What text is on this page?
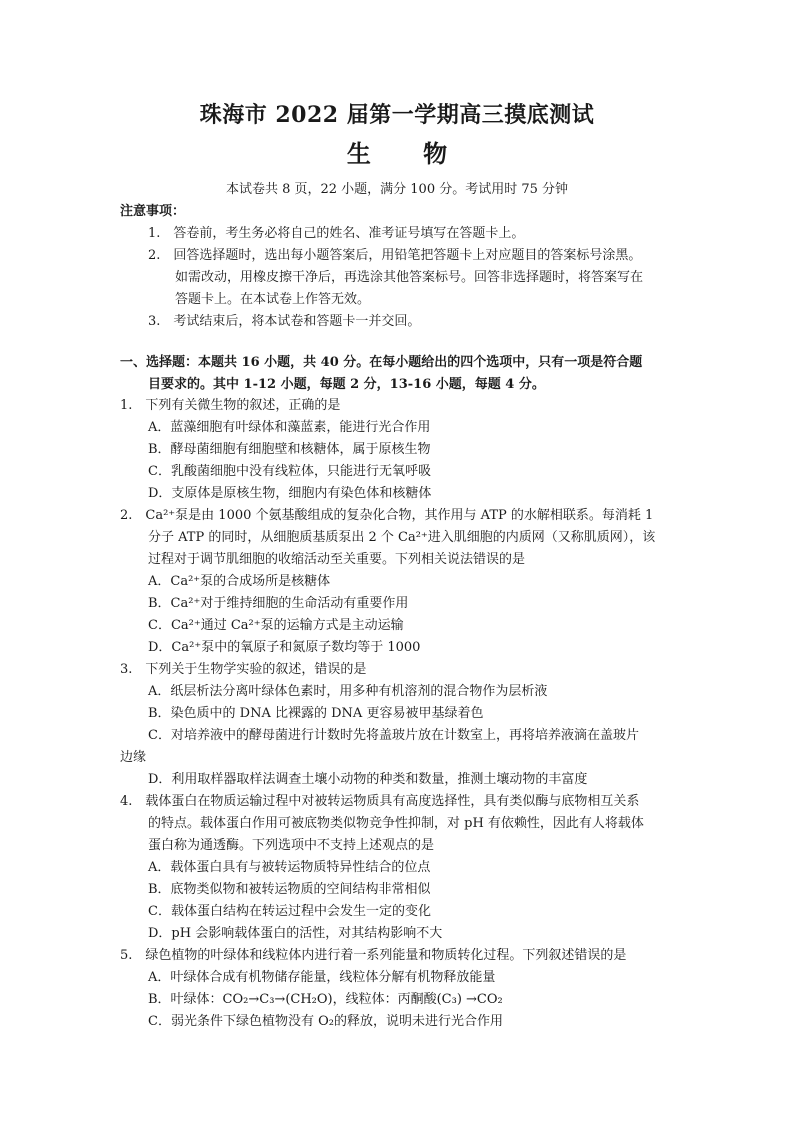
珠海市 2022 届第一学期高三摸底测试
生 物
本试卷共 8 页，22 小题，满分 100 分。考试用时 75 分钟
注意事项：
1.　答卷前，考生务必将自己的姓名、准考证号填写在答题卡上。
2.　回答选择题时，选出每小题答案后，用铅笔把答题卡上对应题目的答案标号涂黑。
如需改动，用橡皮擦干净后，再选涂其他答案标号。回答非选择题时，将答案写在
答题卡上。在本试卷上作答无效。
3.　考试结束后，将本试卷和答题卡一并交回。
一、选择题：本题共 16 小题，共 40 分。在每小题给出的四个选项中，只有一项是符合题
目要求的。其中 1-12 小题，每题 2 分，13-16 小题，每题 4 分。
1.　下列有关微生物的叙述，正确的是
A．蓝藻细胞有叶绿体和藻蓝素，能进行光合作用
B．酵母菌细胞有细胞壁和核糖体，属于原核生物
C．乳酸菌细胞中没有线粒体，只能进行无氧呼吸
D．支原体是原核生物，细胞内有染色体和核糖体
2.　Ca²⁺泵是由 1000 个氨基酸组成的复杂化合物，其作用与 ATP 的水解相联系。每消耗 1
分子 ATP 的同时，从细胞质基质泵出 2 个 Ca²⁺进入肌细胞的内质网（又称肌质网），该
过程对于调节肌细胞的收缩活动至关重要。下列相关说法错误的是
A．Ca²⁺泵的合成场所是核糖体
B．Ca²⁺对于维持细胞的生命活动有重要作用
C．Ca²⁺通过 Ca²⁺泵的运输方式是主动运输
D．Ca²⁺泵中的氧原子和氮原子数均等于 1000
3.　下列关于生物学实验的叙述，错误的是
A．纸层析法分离叶绿体色素时，用多种有机溶剂的混合物作为层析液
B．染色质中的 DNA 比裸露的 DNA 更容易被甲基绿着色
C．对培养液中的酵母菌进行计数时先将盖玻片放在计数室上，再将培养液滴在盖玻片
边缘
D．利用取样器取样法调查土壤小动物的种类和数量，推测土壤动物的丰富度
4.　载体蛋白在物质运输过程中对被转运物质具有高度选择性，具有类似酶与底物相互关系
的特点。载体蛋白作用可被底物类似物竞争性抑制，对 pH 有依赖性，因此有人将载体
蛋白称为通透酶。下列选项中不支持上述观点的是
A．载体蛋白具有与被转运物质特异性结合的位点
B．底物类似物和被转运物质的空间结构非常相似
C．载体蛋白结构在转运过程中会发生一定的变化
D．pH 会影响载体蛋白的活性，对其结构影响不大
5.　绿色植物的叶绿体和线粒体内进行着一系列能量和物质转化过程。下列叙述错误的是
A．叶绿体合成有机物储存能量，线粒体分解有机物释放能量
B．叶绿体：CO₂→C₃→(CH₂O)，线粒体：丙酮酸(C₃) →CO₂
C．弱光条件下绿色植物没有 O₂的释放，说明未进行光合作用
